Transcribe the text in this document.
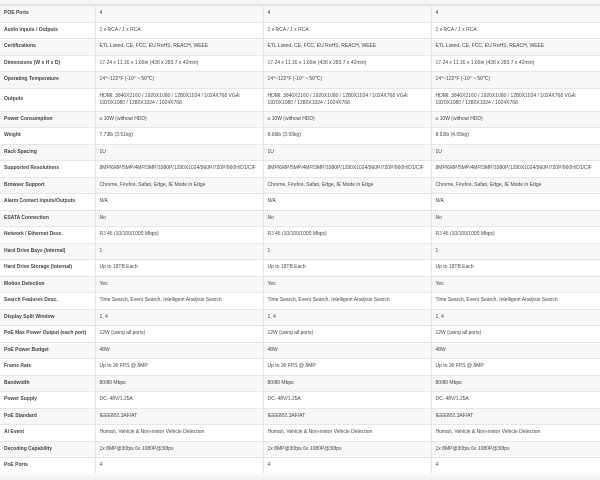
POE Ports	4	4	4
Audio Inputs / Outputs	1 x RCA / 1 x RCA	1 x RCA / 1 x RCA	1 x RCA / 1 x RCA
Certifications	ETL Listed, CE, FCC, EU RoHS, REACH, WEEE	ETL Listed, CE, FCC, EU RoHS, REACH, WEEE	ETL Listed, CE, FCC, EU RoHS, REACH, WEEE
Dimensions (W x H x D)	17.24 x 11.16 x 1.65in (438 x 283.7 x 42mm)	17.24 x 11.16 x 1.65in (438 x 283.7 x 42mm)	17.24 x 11.16 x 1.65in (438 x 283.7 x 42mm)
Operating Temperature	14°~122°F (-10° ~ 50°C)	14°~122°F (-10° ~ 50°C)	14°~122°F (-10° ~ 50°C)
Outputs	HDMI: 3840X2160 / 1920X1080 / 1280X1024 / 1024X768 VGA: 1920X1080 / 1280X1024 / 1024X768	HDMI: 3840X2160 / 1920X1080 / 1280X1024 / 1024X768 VGA: 1920X1080 / 1280X1024 / 1024X768	HDMI: 3840X2160 / 1920X1080 / 1280X1024 / 1024X768 VGA: 1920X1080 / 1280X1024 / 1024X768
Power Consumption	≤ 10W (without HDD)	≤ 10W (without HDD)	≤ 10W (without HDD)
Weight	7.73lb (3.51kg)	8.66lb (3.93kg)	8.92lb (4.05kg)
Rack Spacing	1U	1U	1U
Supported Resolutions	8MP/6MP/5MP/4MP/3MP/1080P/1280X1024/960P/720P/960H/D1/CIF	8MP/6MP/5MP/4MP/3MP/1080P/1280X1024/960P/720P/960H/D1/CIF	8MP/6MP/5MP/4MP/3MP/1080P/1280X1024/960P/720P/960H/D1/CIF
Browser Support	Chrome, Firefox, Safari, Edge, IE Mode in Edge	Chrome, Firefox, Safari, Edge, IE Mode in Edge	Chrome, Firefox, Safari, Edge, IE Mode in Edge
Alarm Contact Inputs/Outputs	N/A	N/A	N/A
ESATA Connection	No	No	No
Network / Ethernet Desc.	RJ 45 (10/100/1000 Mbps)	RJ 45 (10/100/1000 Mbps)	RJ 45 (10/100/1000 Mbps)
Hard Drive Bays (Internal)	1	1	1
Hard Drive Storage (Internal)	Up to 18TB Each	Up to 18TB Each	Up to 18TB Each
Motion Detection	Yes	Yes	Yes
Search Features Desc.	Time Search, Event Search, Intelligent Analysis Search	Time Search, Event Search, Intelligent Analysis Search	Time Search, Event Search, Intelligent Analysis Search
Display Split Window	1, 4	1, 4	1, 4
PoE Max Power Output (each port)	12W (using all ports)	12W (using all ports)	12W (using all ports)
PoE Power Budget	48W	48W	48W
Frame Rate	Up to 30 FPS @ 8MP	Up to 30 FPS @ 8MP	Up to 30 FPS @ 8MP
Bandwidth	80/80 Mbps	80/80 Mbps	80/80 Mbps
Power Supply	DC: 48V/1.25A	DC: 48V/1.25A	DC: 48V/1.25A
PoE Standard	IEEE802.3AF/AT	IEEE802.3AF/AT	IEEE802.3AF/AT
AI Event	Human, Vehicle & Non-motor Vehicle Detection	Human, Vehicle & Non-motor Vehicle Detection	Human, Vehicle & Non-motor Vehicle Detection
Decoding Capability	1x 8MP@30fps 6x 1080P@30fps	1x 8MP@30fps 6x 1080P@30fps	1x 8MP@30fps 6x 1080P@30fps
PoE Ports	4	4	4
